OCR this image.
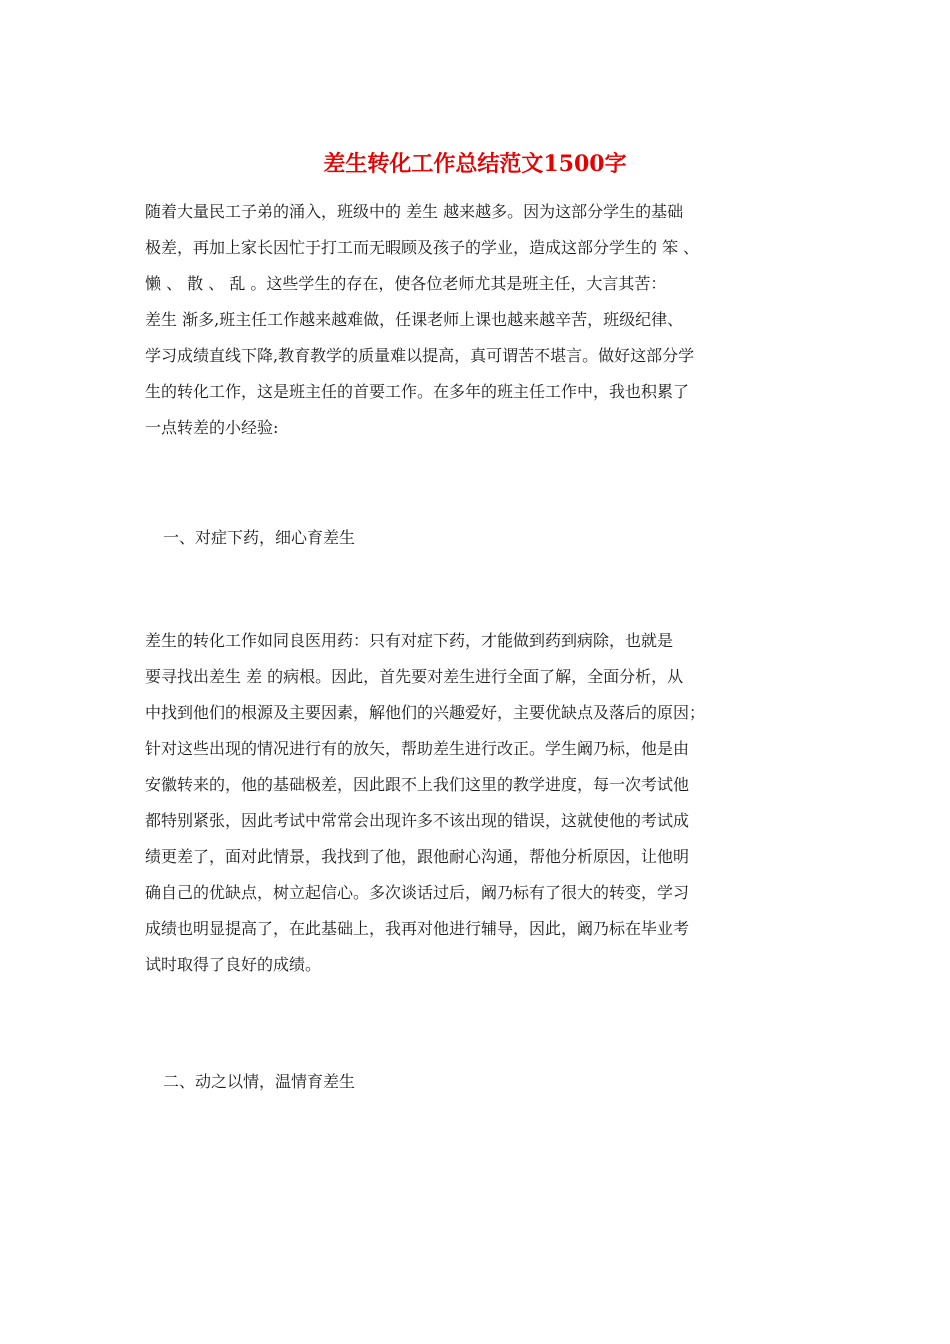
差生转化工作总结范文1500字

随着大量民工子弟的涌入，班级中的 差生 越来越多。因为这部分学生的基础

极差，再加上家长因忙于打工而无暇顾及孩子的学业，造成这部分学生的 笨 、

懒 、 散 、 乱 。这些学生的存在，使各位老师尤其是班主任，大言其苦：

差生 渐多,班主任工作越来越难做，任课老师上课也越来越辛苦，班级纪律、

学习成绩直线下降,教育教学的质量难以提高，真可谓苦不堪言。做好这部分学

生的转化工作，这是班主任的首要工作。在多年的班主任工作中，我也积累了

一点转差的小经验:

一、对症下药，细心育差生

差生的转化工作如同良医用药：只有对症下药，才能做到药到病除，也就是

要寻找出差生 差 的病根。因此，首先要对差生进行全面了解，全面分析，从

中找到他们的根源及主要因素，解他们的兴趣爱好，主要优缺点及落后的原因；

针对这些出现的情况进行有的放矢，帮助差生进行改正。学生阚乃标，他是由

安徽转来的，他的基础极差，因此跟不上我们这里的教学进度，每一次考试他

都特别紧张，因此考试中常常会出现许多不该出现的错误，这就使他的考试成

绩更差了，面对此情景，我找到了他，跟他耐心沟通，帮他分析原因，让他明

确自己的优缺点，树立起信心。多次谈话过后，阚乃标有了很大的转变，学习

成绩也明显提高了，在此基础上，我再对他进行辅导，因此，阚乃标在毕业考

试时取得了良好的成绩。

二、动之以情，温情育差生
